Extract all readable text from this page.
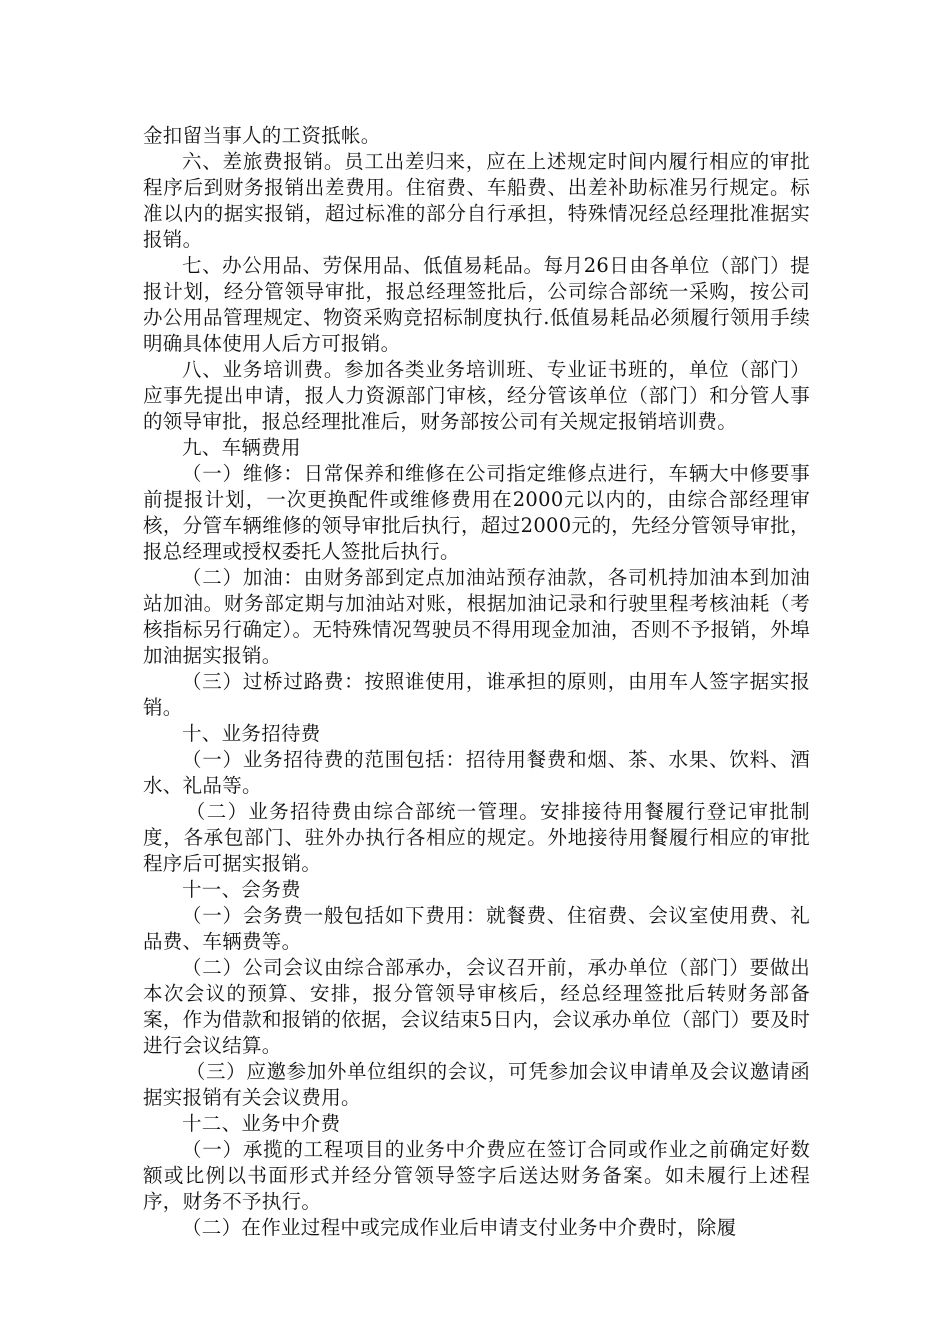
金扣留当事人的工资抵帐。

六、差旅费报销。员工出差归来，应在上述规定时间内履行相应的审批程序后到财务报销出差费用。住宿费、车船费、出差补助标准另行规定。标准以内的据实报销，超过标准的部分自行承担，特殊情况经总经理批准据实报销。

七、办公用品、劳保用品、低值易耗品。每月26日由各单位（部门）提报计划，经分管领导审批，报总经理签批后，公司综合部统一采购，按公司办公用品管理规定、物资采购竞招标制度执行.低值易耗品必须履行领用手续明确具体使用人后方可报销。

八、业务培训费。参加各类业务培训班、专业证书班的，单位（部门）应事先提出申请，报人力资源部门审核，经分管该单位（部门）和分管人事的领导审批，报总经理批准后，财务部按公司有关规定报销培训费。

九、车辆费用

（一）维修：日常保养和维修在公司指定维修点进行，车辆大中修要事前提报计划，一次更换配件或维修费用在2000元以内的，由综合部经理审核，分管车辆维修的领导审批后执行，超过2000元的，先经分管领导审批，报总经理或授权委托人签批后执行。

（二）加油：由财务部到定点加油站预存油款，各司机持加油本到加油站加油。财务部定期与加油站对账，根据加油记录和行驶里程考核油耗（考核指标另行确定）。无特殊情况驾驶员不得用现金加油，否则不予报销，外埠加油据实报销。

（三）过桥过路费：按照谁使用，谁承担的原则，由用车人签字据实报销。

十、业务招待费

（一）业务招待费的范围包括：招待用餐费和烟、茶、水果、饮料、酒水、礼品等。

（二）业务招待费由综合部统一管理。安排接待用餐履行登记审批制度，各承包部门、驻外办执行各相应的规定。外地接待用餐履行相应的审批程序后可据实报销。

十一、会务费

（一）会务费一般包括如下费用：就餐费、住宿费、会议室使用费、礼品费、车辆费等。

（二）公司会议由综合部承办，会议召开前，承办单位（部门）要做出本次会议的预算、安排，报分管领导审核后，经总经理签批后转财务部备案，作为借款和报销的依据，会议结束5日内，会议承办单位（部门）要及时进行会议结算。

（三）应邀参加外单位组织的会议，可凭参加会议申请单及会议邀请函据实报销有关会议费用。

十二、业务中介费

（一）承揽的工程项目的业务中介费应在签订合同或作业之前确定好数额或比例以书面形式并经分管领导签字后送达财务备案。如未履行上述程序，财务不予执行。

（二）在作业过程中或完成作业后申请支付业务中介费时，除履
